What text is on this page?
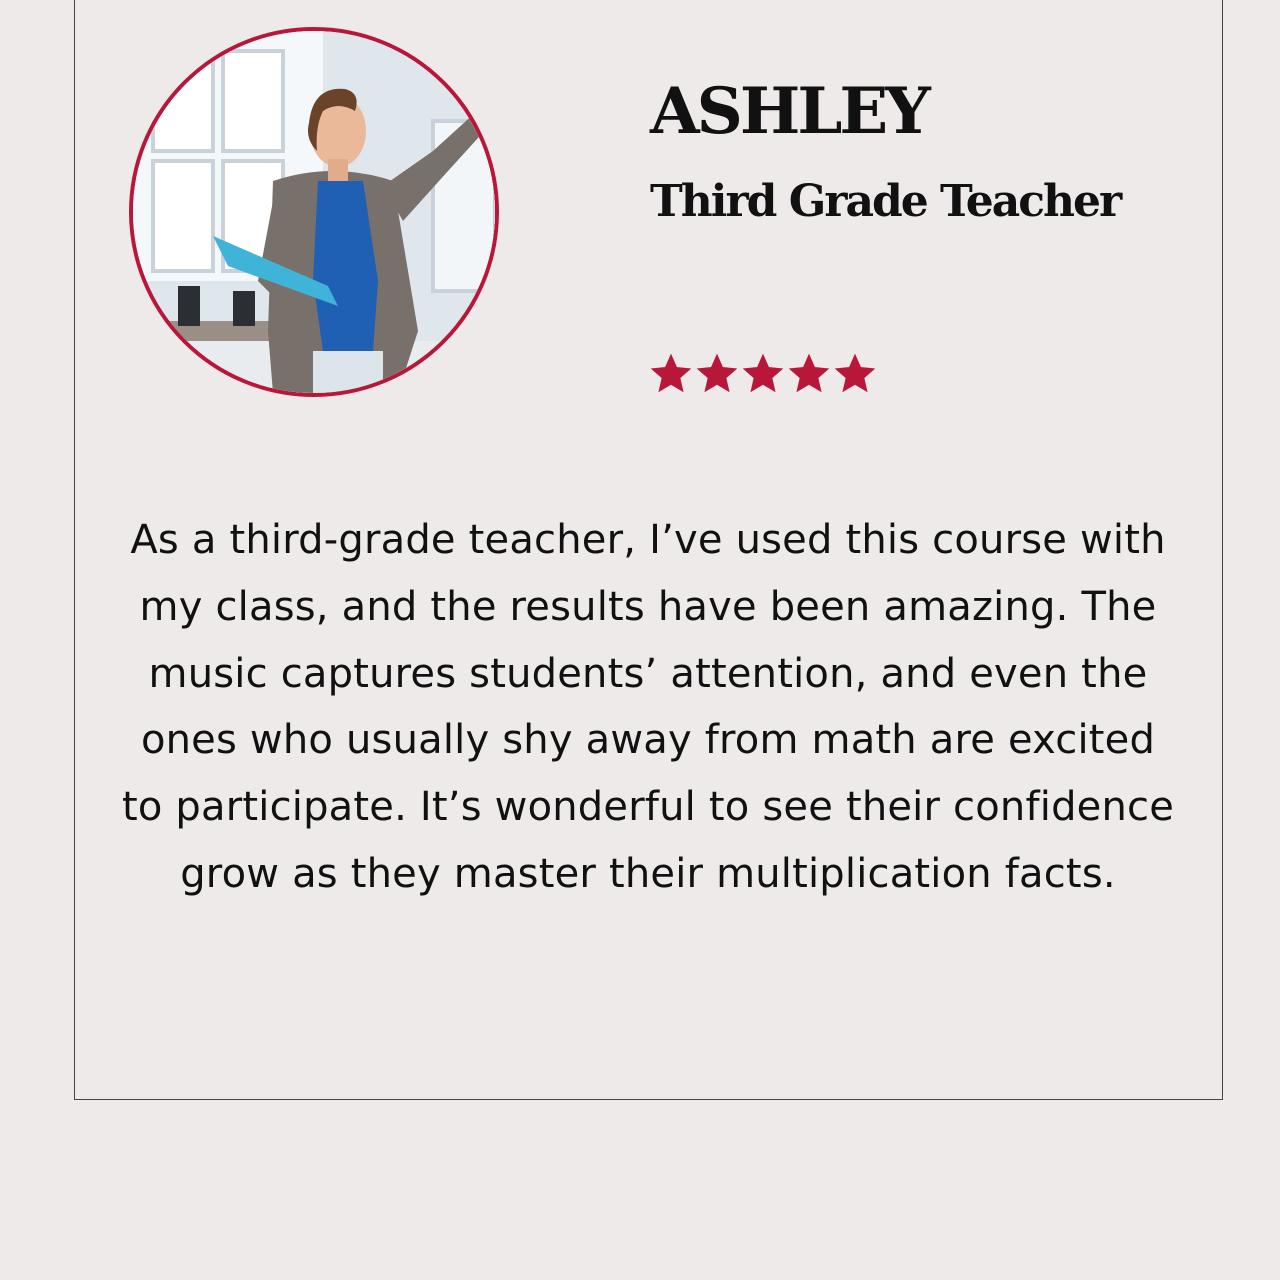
ASHLEY
Third Grade Teacher

As a third-grade teacher, I’ve used this course with my class, and the results have been amazing. The music captures students’ attention, and even the ones who usually shy away from math are excited to participate. It’s wonderful to see their confidence grow as they master their multiplication facts.
